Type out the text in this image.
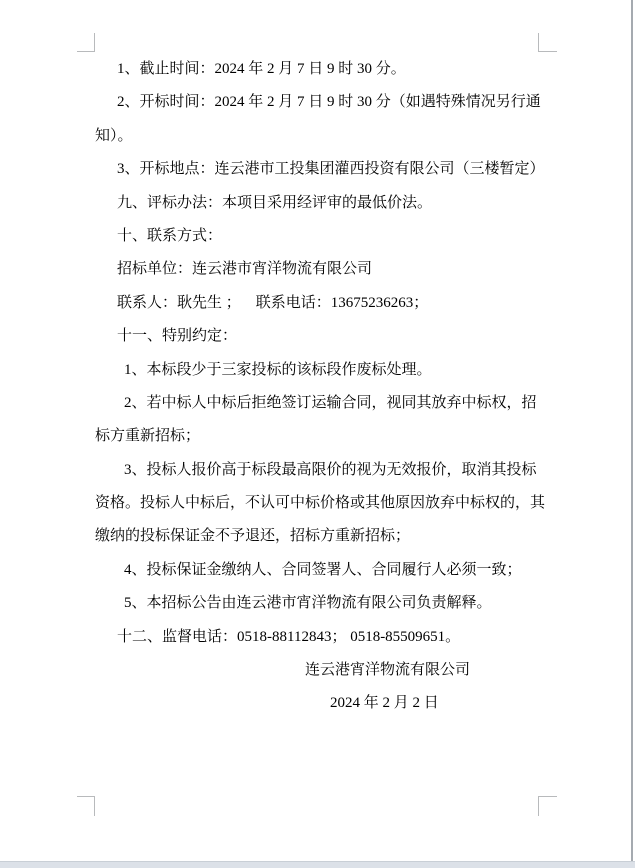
1、截止时间：2024 年 2 月 7 日 9 时 30 分。
2、开标时间：2024 年 2 月 7 日 9 时 30 分（如遇特殊情况另行通
知）。
3、开标地点：连云港市工投集团灌西投资有限公司（三楼暂定）
九、评标办法：本项目采用经评审的最低价法。
十、联系方式：
招标单位：连云港市宵洋物流有限公司
联系人：耿先生 ；    联系电话：13675236263；
十一、特别约定：
1、本标段少于三家投标的该标段作废标处理。
2、若中标人中标后拒绝签订运输合同，视同其放弃中标权，招
标方重新招标；
3、投标人报价高于标段最高限价的视为无效报价，取消其投标
资格。投标人中标后，不认可中标价格或其他原因放弃中标权的，其
缴纳的投标保证金不予退还，招标方重新招标；
4、投标保证金缴纳人、合同签署人、合同履行人必须一致；
5、本招标公告由连云港市宵洋物流有限公司负责解释。
十二、监督电话：0518-88112843； 0518-85509651。
连云港宵洋物流有限公司
2024 年 2 月 2 日
